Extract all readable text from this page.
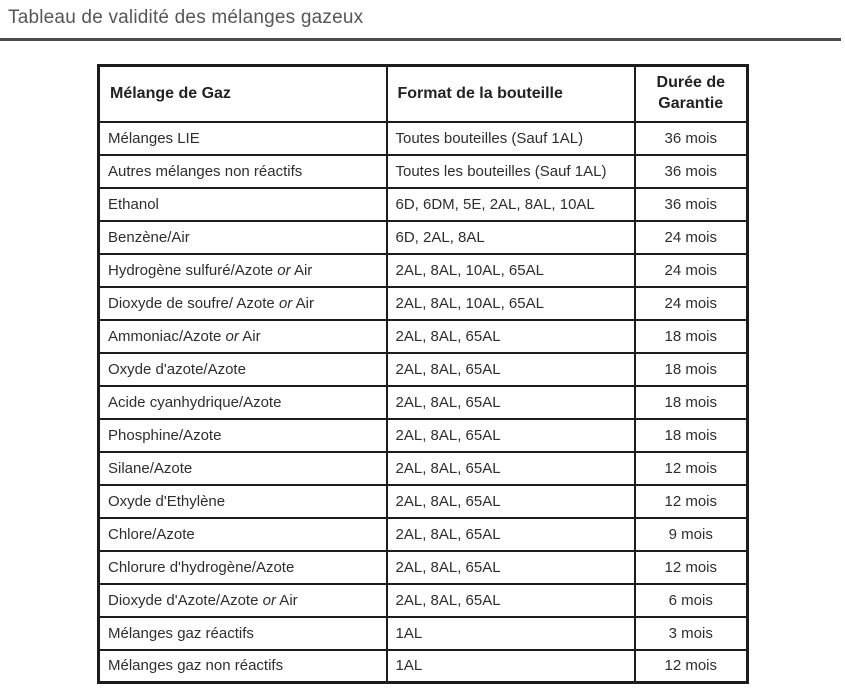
Tableau de validité des mélanges gazeux
Mélange de Gaz	Format de la bouteille	Durée de Garantie
Mélanges LIE	Toutes bouteilles (Sauf 1AL)	36 mois
Autres mélanges non réactifs	Toutes les bouteilles (Sauf 1AL)	36 mois
Ethanol	6D, 6DM, 5E, 2AL, 8AL, 10AL	36 mois
Benzène/Air	6D, 2AL, 8AL	24 mois
Hydrogène sulfuré/Azote or Air	2AL, 8AL, 10AL, 65AL	24 mois
Dioxyde de soufre/ Azote or Air	2AL, 8AL, 10AL, 65AL	24 mois
Ammoniac/Azote or Air	2AL, 8AL, 65AL	18 mois
Oxyde d'azote/Azote	2AL, 8AL, 65AL	18 mois
Acide cyanhydrique/Azote	2AL, 8AL, 65AL	18 mois
Phosphine/Azote	2AL, 8AL, 65AL	18 mois
Silane/Azote	2AL, 8AL, 65AL	12 mois
Oxyde d'Ethylène	2AL, 8AL, 65AL	12 mois
Chlore/Azote	2AL, 8AL, 65AL	9 mois
Chlorure d'hydrogène/Azote	2AL, 8AL, 65AL	12 mois
Dioxyde d'Azote/Azote or Air	2AL, 8AL, 65AL	6 mois
Mélanges gaz réactifs	1AL	3 mois
Mélanges gaz non réactifs	1AL	12 mois
